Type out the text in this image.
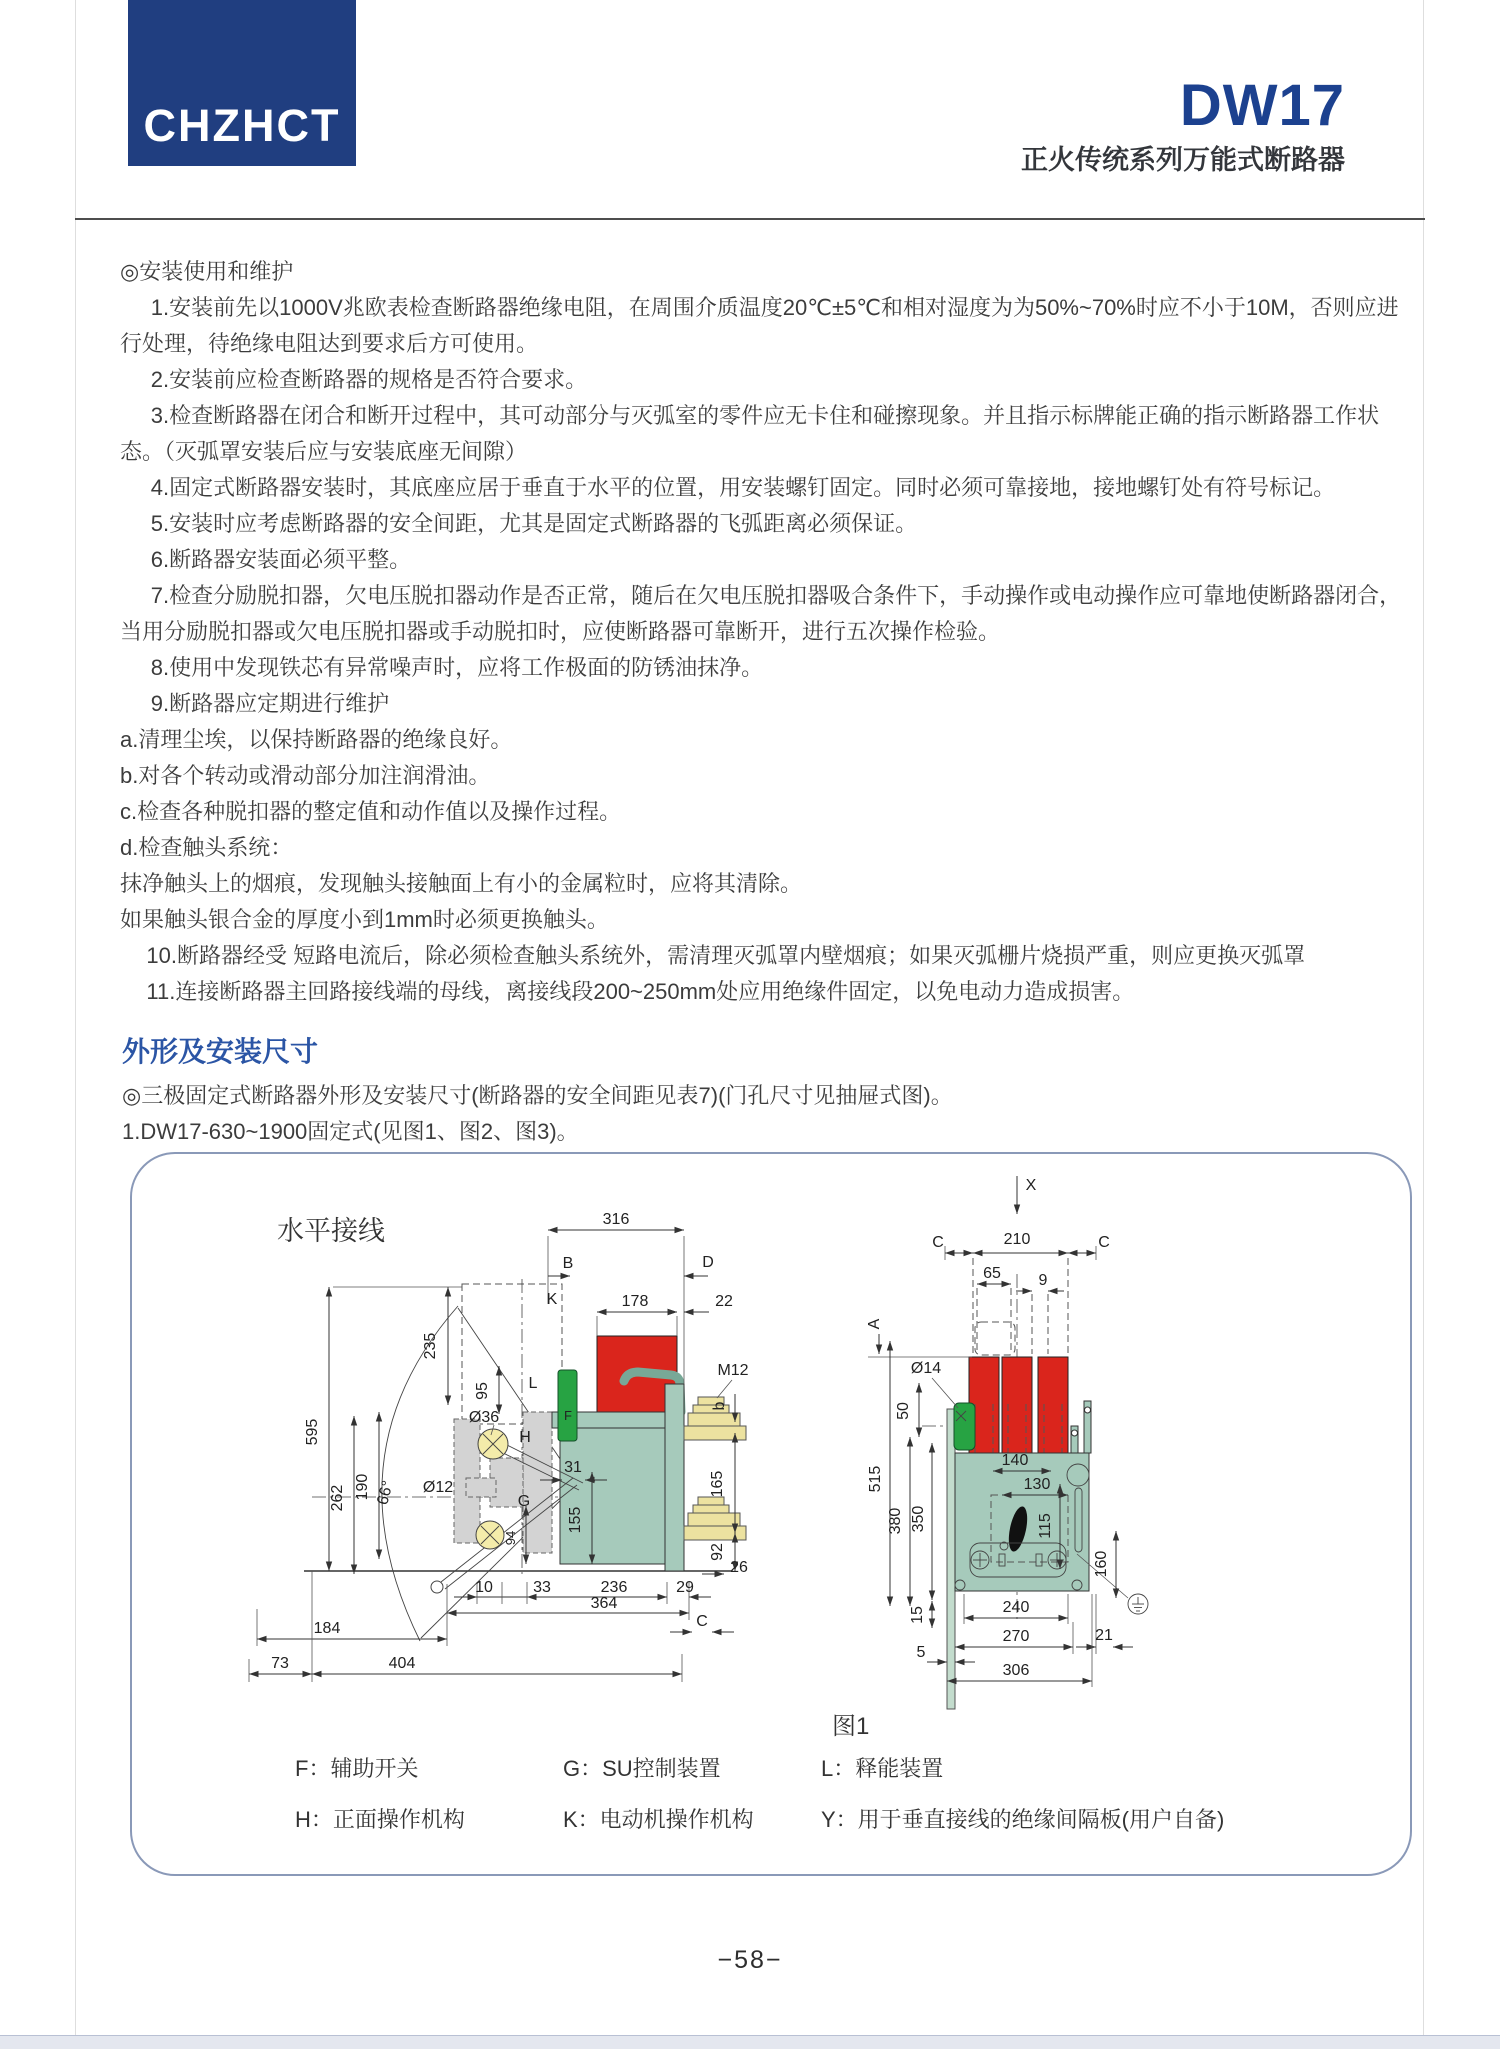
CHZHCT	DW17
正火传统系列万能式断路器

◎安装使用和维护

1.安装前先以1000V兆欧表检查断路器绝缘电阻，在周围介质温度20℃±5℃和相对湿度为为50%~70%时应不小于10M，否则应进行处理，待绝缘电阻达到要求后方可使用。

2.安装前应检查断路器的规格是否符合要求。

3.检查断路器在闭合和断开过程中，其可动部分与灭弧室的零件应无卡住和碰擦现象。并且指示标牌能正确的指示断路器工作状态。（灭弧罩安装后应与安装底座无间隙）

4.固定式断路器安装时，其底座应居于垂直于水平的位置，用安装螺钉固定。同时必须可靠接地，接地螺钉处有符号标记。

5.安装时应考虑断路器的安全间距，尤其是固定式断路器的飞弧距离必须保证。

6.断路器安装面必须平整。

7.检查分励脱扣器，欠电压脱扣器动作是否正常，随后在欠电压脱扣器吸合条件下，手动操作或电动操作应可靠地使断路器闭合，当用分励脱扣器或欠电压脱扣器或手动脱扣时，应使断路器可靠断开，进行五次操作检验。

8.使用中发现铁芯有异常噪声时，应将工作极面的防锈油抹净。

9.断路器应定期进行维护

a.清理尘埃，以保持断路器的绝缘良好。

b.对各个转动或滑动部分加注润滑油。

c.检查各种脱扣器的整定值和动作值以及操作过程。

d.检查触头系统：

抹净触头上的烟痕，发现触头接触面上有小的金属粒时，应将其清除。

如果触头银合金的厚度小到1mm时必须更换触头。

10.断路器经受 短路电流后，除必须检查触头系统外，需清理灭弧罩内壁烟痕；如果灭弧栅片烧损严重，则应更换灭弧罩

11.连接断路器主回路接线端的母线，离接线段200~250mm处应用绝缘件固定，以免电动力造成损害。

外形及安装尺寸

◎三极固定式断路器外形及安装尺寸(断路器的安全间距见表7)(门孔尺寸见抽屉式图)。

1.DW17-630~1900固定式(见图1、图2、图3)。

F
316
B	D
K	178	22
235
95 L
Ø36
H
595
190 66° Ø12
262	G
31
155
94
M12
b
165
92
26
10	33	236	29
364
184	C
404
73
X
C	210	C
65 9
A
Ø14
50
515
380 350
140
130
115
160
15	240
270	21
5
306
水平接线
图1
F：辅助开关	G：SU控制装置	L：释能装置
H：正面操作机构	K：电动机操作机构	Y：用于垂直接线的绝缘间隔板(用户自备)
−58−
